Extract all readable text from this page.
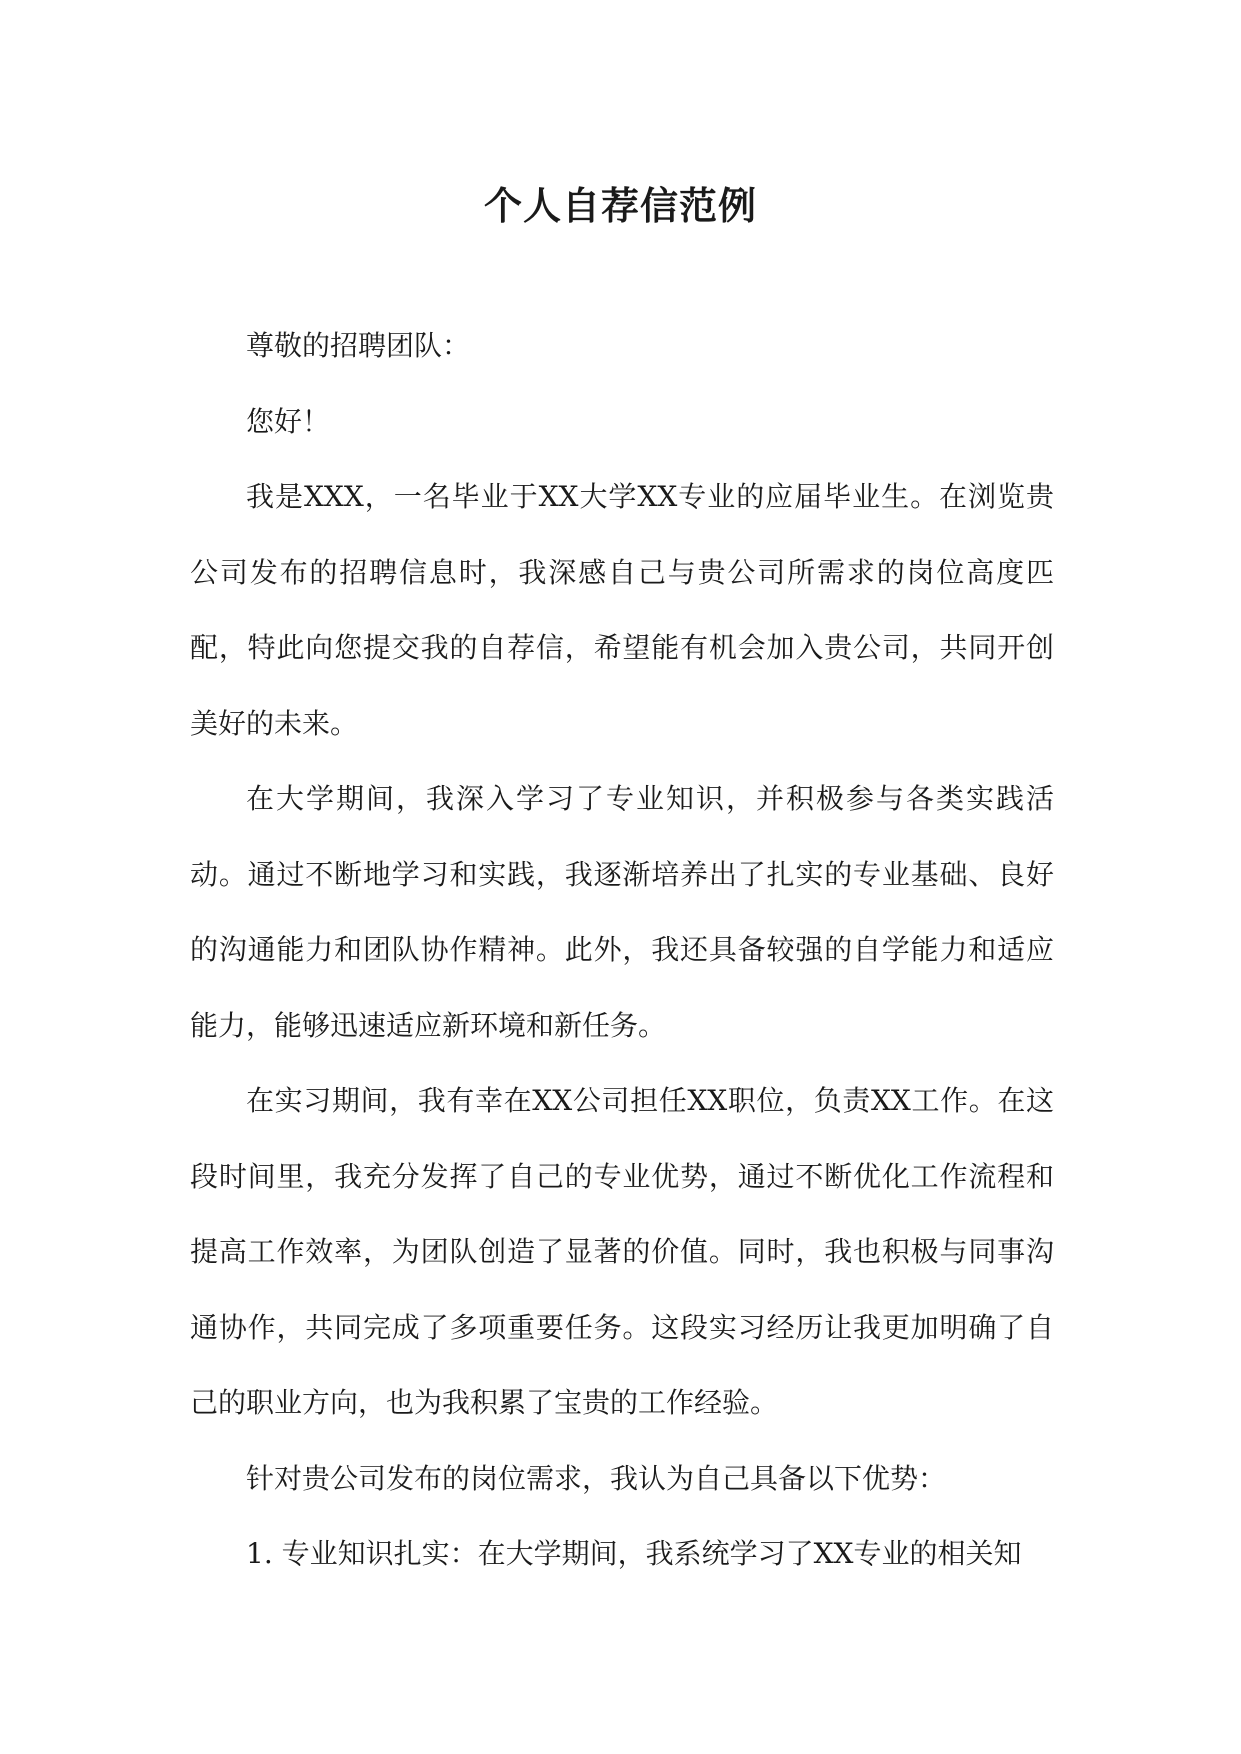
个人自荐信范例

尊敬的招聘团队：

您好！

我是XXX，一名毕业于XX大学XX专业的应届毕业生。在浏览贵公司发布的招聘信息时，我深感自己与贵公司所需求的岗位高度匹配，特此向您提交我的自荐信，希望能有机会加入贵公司，共同开创美好的未来。

在大学期间，我深入学习了专业知识，并积极参与各类实践活动。通过不断地学习和实践，我逐渐培养出了扎实的专业基础、良好的沟通能力和团队协作精神。此外，我还具备较强的自学能力和适应能力，能够迅速适应新环境和新任务。

在实习期间，我有幸在XX公司担任XX职位，负责XX工作。在这段时间里，我充分发挥了自己的专业优势，通过不断优化工作流程和提高工作效率，为团队创造了显著的价值。同时，我也积极与同事沟通协作，共同完成了多项重要任务。这段实习经历让我更加明确了自己的职业方向，也为我积累了宝贵的工作经验。

针对贵公司发布的岗位需求，我认为自己具备以下优势：

1. 专业知识扎实：在大学期间，我系统学习了XX专业的相关知
